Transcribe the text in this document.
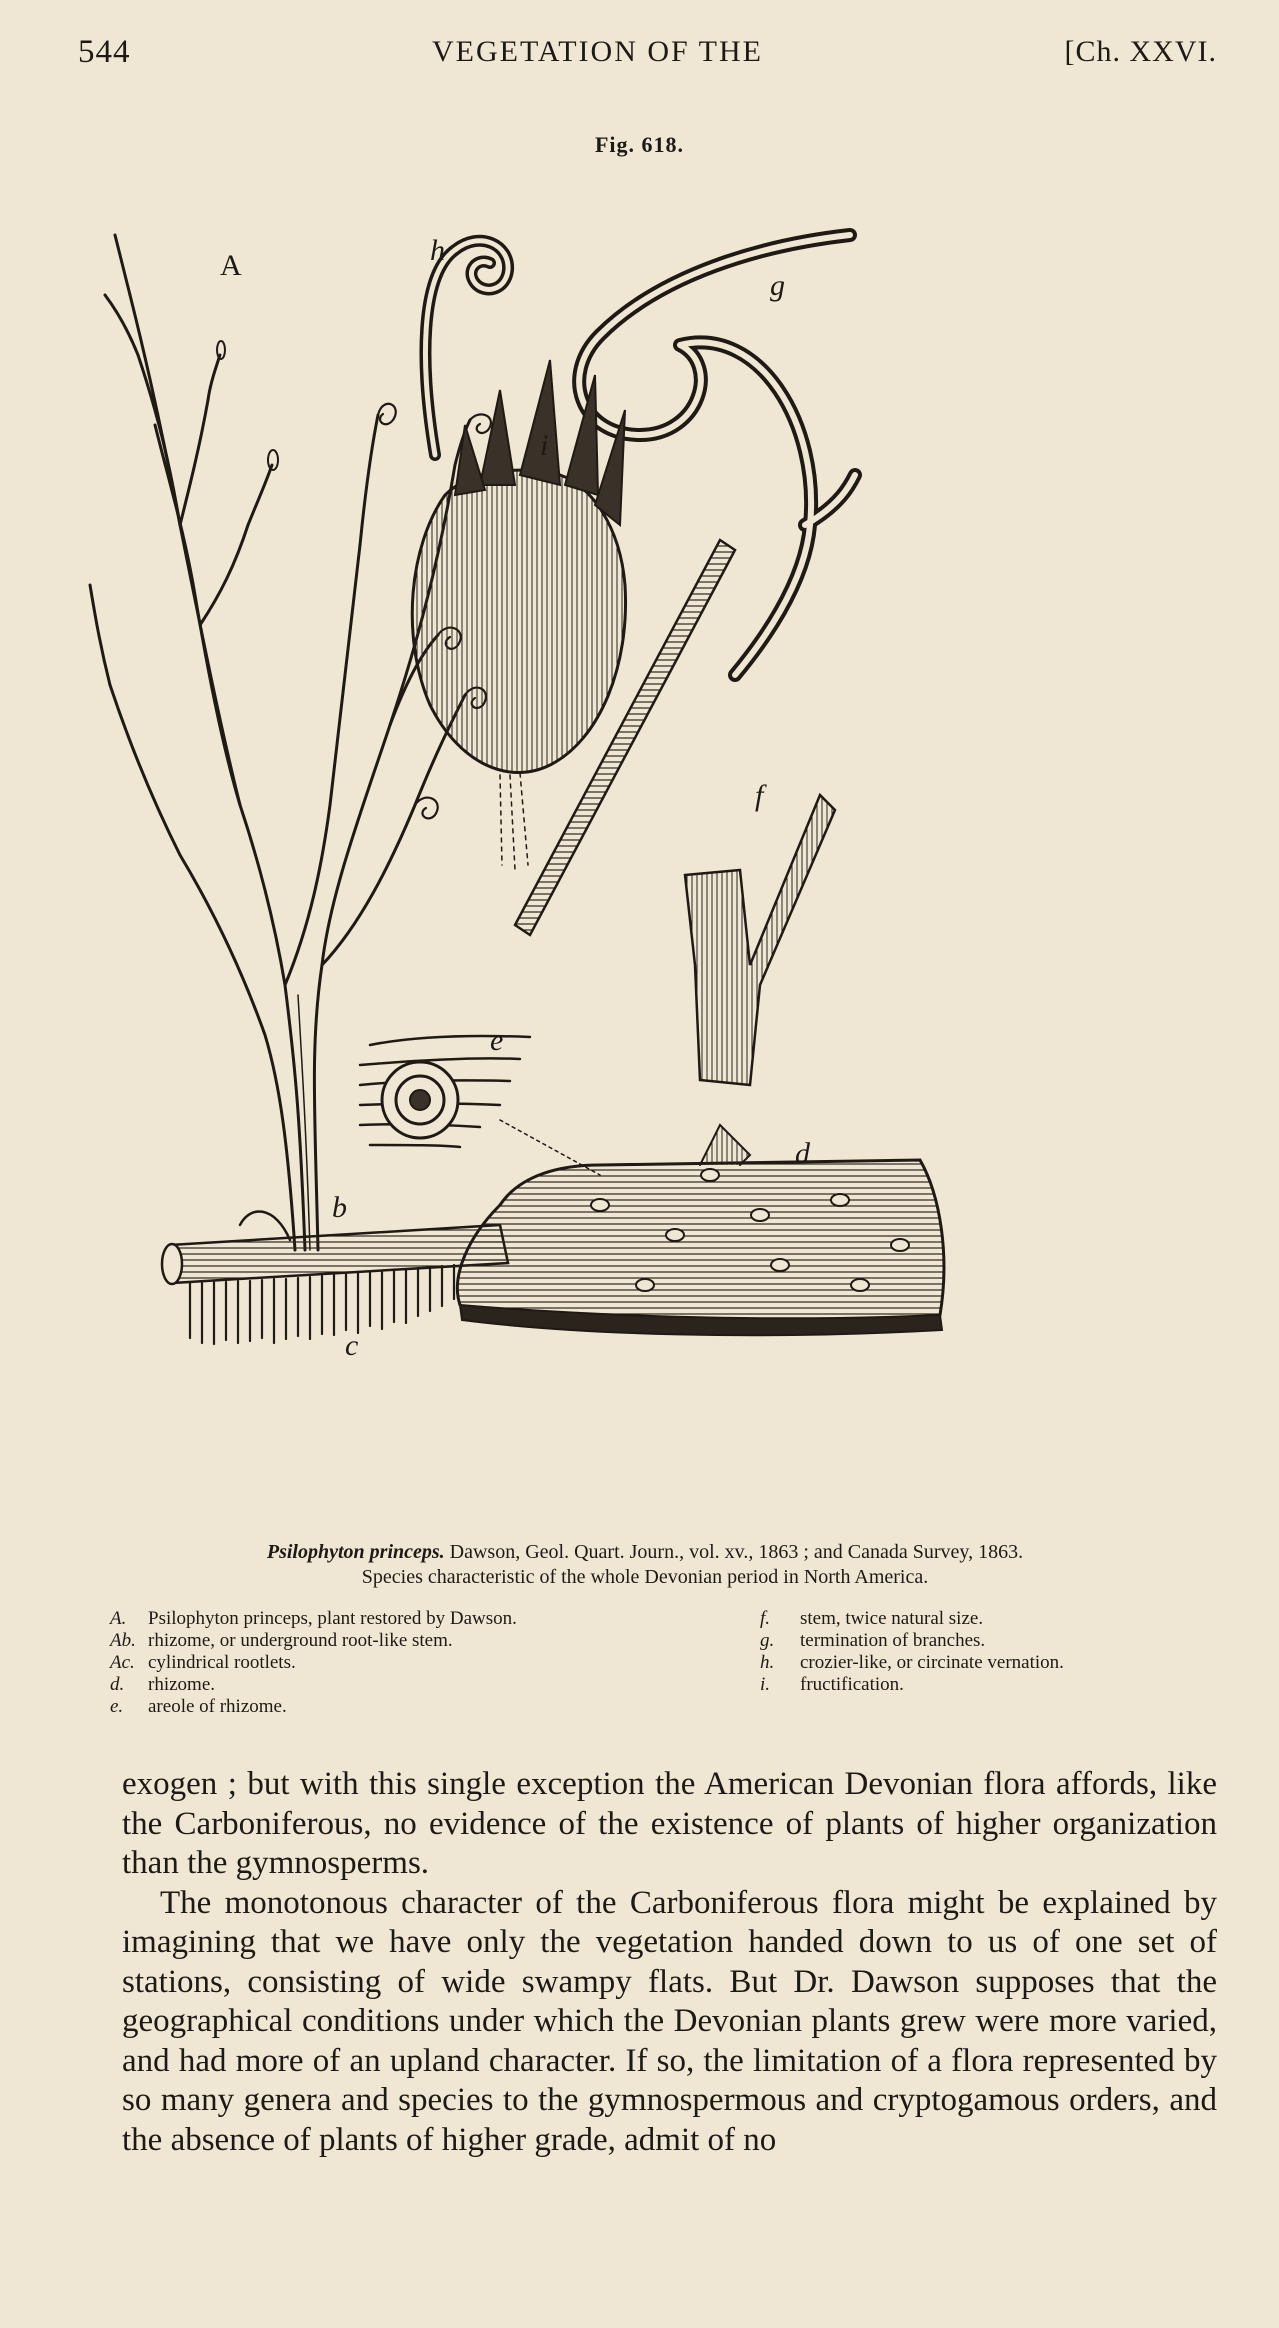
544	VEGETATION OF THE	[Ch. XXVI.
Fig. 618.
A	h
g
i
f
e
d
b
c
Psilophyton princeps. Dawson, Geol. Quart. Journ., vol. xv., 1863 ; and Canada Survey, 1863.
Species characteristic of the whole Devonian period in North America.
A.	Psilophyton princeps, plant restored by Dawson.
Ab. rhizome, or underground root-like stem.
Ac. cylindrical rootlets.
d.	rhizome.
e.	areole of rhizome.
f.	stem, twice natural size.
g.	termination of branches.
h.	crozier-like, or circinate vernation.
i.	fructification.

exogen ; but with this single exception the American Devonian flora affords, like the Carboniferous, no evidence of the existence of plants of higher organization than the gymnosperms.

The monotonous character of the Carboniferous flora might be explained by imagining that we have only the vegetation handed down to us of one set of stations, consisting of wide swampy flats. But Dr. Dawson supposes that the geographical conditions under which the Devonian plants grew were more varied, and had more of an upland character. If so, the limitation of a flora represented by so many genera and species to the gymnospermous and cryptogamous orders, and the absence of plants of higher grade, admit of no
